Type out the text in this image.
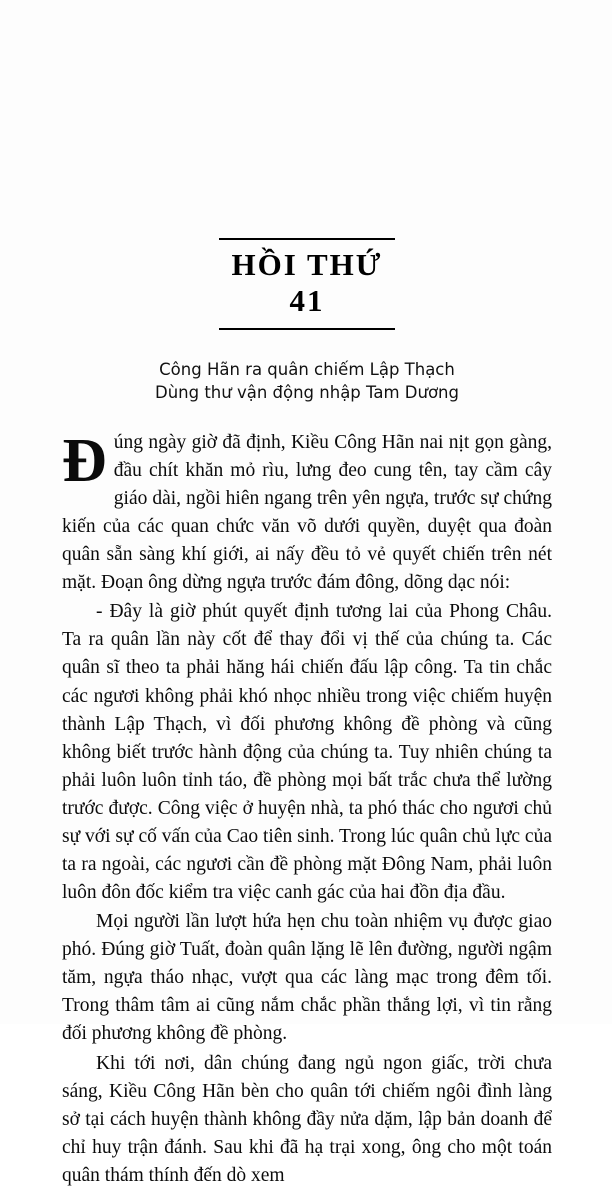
HỒI THỨ 41
Công Hãn ra quân chiếm Lập Thạch
Dùng thư vận động nhập Tam Dương

Đúng ngày giờ đã định, Kiều Công Hãn nai nịt gọn gàng, đầu chít khăn mỏ rìu, lưng đeo cung tên, tay cầm cây giáo dài, ngồi hiên ngang trên yên ngựa, trước sự chứng kiến của các quan chức văn võ dưới quyền, duyệt qua đoàn quân sẵn sàng khí giới, ai nấy đều tỏ vẻ quyết chiến trên nét mặt. Đoạn ông dừng ngựa trước đám đông, dõng dạc nói:

- Đây là giờ phút quyết định tương lai của Phong Châu. Ta ra quân lần này cốt để thay đổi vị thế của chúng ta. Các quân sĩ theo ta phải hăng hái chiến đấu lập công. Ta tin chắc các ngươi không phải khó nhọc nhiều trong việc chiếm huyện thành Lập Thạch, vì đối phương không đề phòng và cũng không biết trước hành động của chúng ta. Tuy nhiên chúng ta phải luôn luôn tỉnh táo, đề phòng mọi bất trắc chưa thể lường trước được. Công việc ở huyện nhà, ta phó thác cho ngươi chủ sự với sự cố vấn của Cao tiên sinh. Trong lúc quân chủ lực của ta ra ngoài, các ngươi cần đề phòng mặt Đông Nam, phải luôn luôn đôn đốc kiểm tra việc canh gác của hai đồn địa đầu.

Mọi người lần lượt hứa hẹn chu toàn nhiệm vụ được giao phó. Đúng giờ Tuất, đoàn quân lặng lẽ lên đường, người ngậm tăm, ngựa tháo nhạc, vượt qua các làng mạc trong đêm tối. Trong thâm tâm ai cũng nắm chắc phần thắng lợi, vì tin rằng đối phương không đề phòng.

Khi tới nơi, dân chúng đang ngủ ngon giấc, trời chưa sáng, Kiều Công Hãn bèn cho quân tới chiếm ngôi đình làng sở tại cách huyện thành không đầy nửa dặm, lập bản doanh để chỉ huy trận đánh. Sau khi đã hạ trại xong, ông cho một toán quân thám thính đến dò xem
